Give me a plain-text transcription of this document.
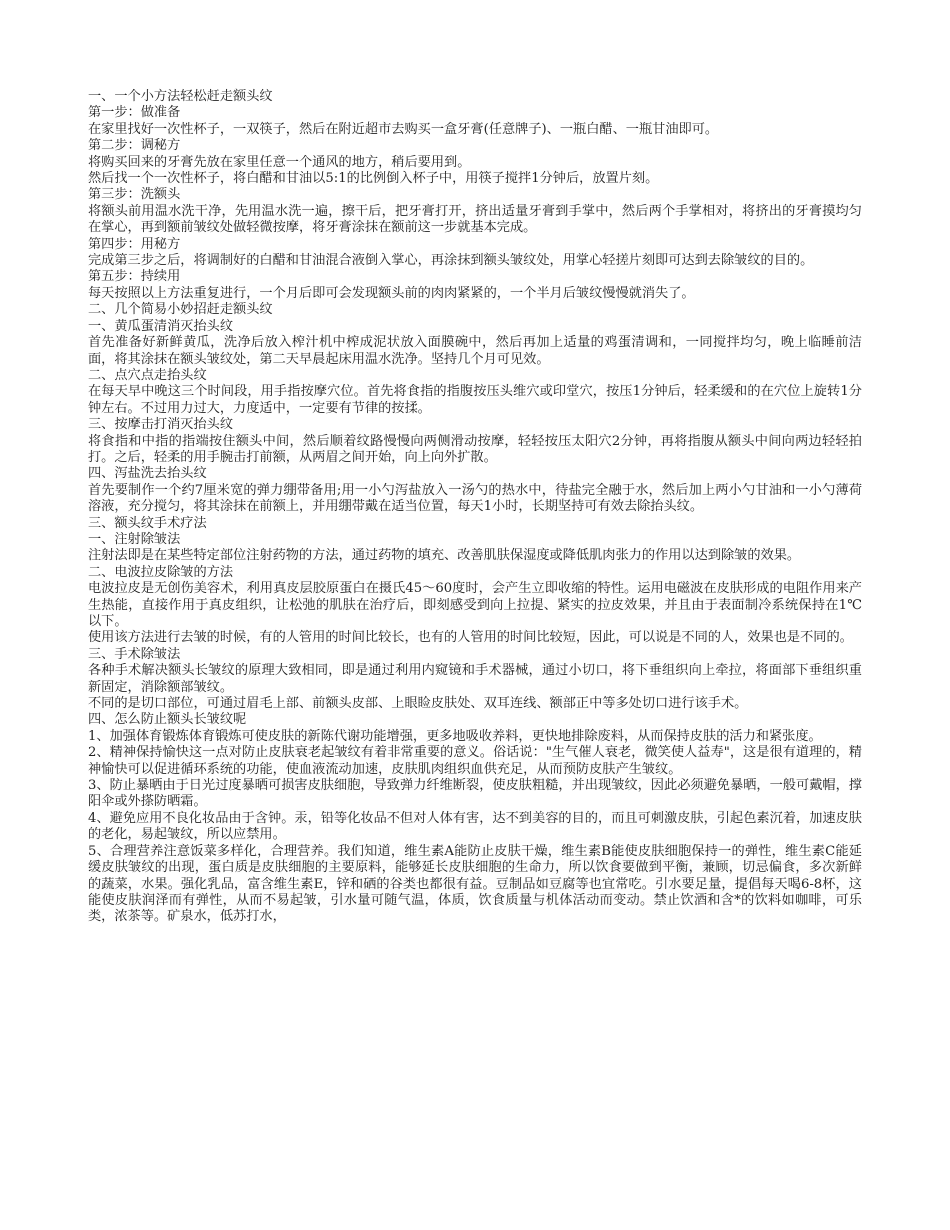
一、一个小方法轻松赶走额头纹

第一步：做准备

在家里找好一次性杯子，一双筷子，然后在附近超市去购买一盒牙膏(任意牌子)、一瓶白醋、一瓶甘油即可。

第二步：调秘方

将购买回来的牙膏先放在家里任意一个通风的地方，稍后要用到。

然后找一个一次性杯子，将白醋和甘油以5:1的比例倒入杯子中，用筷子搅拌1分钟后，放置片刻。

第三步：洗额头

将额头前用温水洗干净，先用温水洗一遍，擦干后，把牙膏打开，挤出适量牙膏到手掌中，然后两个手掌相对，将挤出的牙膏摸均匀在掌心，再到额前皱纹处做轻微按摩，将牙膏涂抹在额前这一步就基本完成。

第四步：用秘方

完成第三步之后，将调制好的白醋和甘油混合液倒入掌心，再涂抹到额头皱纹处，用掌心轻搓片刻即可达到去除皱纹的目的。

第五步：持续用

每天按照以上方法重复进行，一个月后即可会发现额头前的肉肉紧紧的，一个半月后皱纹慢慢就消失了。

二、几个简易小妙招赶走额头纹

一、黄瓜蛋清消灭抬头纹

首先准备好新鲜黄瓜，洗净后放入榨汁机中榨成泥状放入面膜碗中，然后再加上适量的鸡蛋清调和，一同搅拌均匀，晚上临睡前洁面，将其涂抹在额头皱纹处，第二天早晨起床用温水洗净。坚持几个月可见效。

二、点穴点走抬头纹

在每天早中晚这三个时间段，用手指按摩穴位。首先将食指的指腹按压头维穴或印堂穴，按压1分钟后，轻柔缓和的在穴位上旋转1分钟左右。不过用力过大，力度适中，一定要有节律的按揉。

三、按摩击打消灭抬头纹

将食指和中指的指端按住额头中间，然后顺着纹路慢慢向两侧滑动按摩，轻轻按压太阳穴2分钟，再将指腹从额头中间向两边轻轻拍打。之后，轻柔的用手腕击打前额，从两眉之间开始，向上向外扩散。

四、泻盐洗去抬头纹

首先要制作一个约7厘米宽的弹力绷带备用;用一小勺泻盐放入一汤勺的热水中，待盐完全融于水，然后加上两小勺甘油和一小勺薄荷溶液，充分搅匀，将其涂抹在前额上，并用绷带戴在适当位置，每天1小时，长期坚持可有效去除抬头纹。

三、额头纹手术疗法

一、注射除皱法

注射法即是在某些特定部位注射药物的方法，通过药物的填充、改善肌肤保湿度或降低肌肉张力的作用以达到除皱的效果。

二、电波拉皮除皱的方法

电波拉皮是无创伤美容术，利用真皮层胶原蛋白在摄氏45～60度时，会产生立即收缩的特性。运用电磁波在皮肤形成的电阻作用来产生热能，直接作用于真皮组织，让松弛的肌肤在治疗后，即刻感受到向上拉提、紧实的拉皮效果，并且由于表面制冷系统保持在1℃以下。

使用该方法进行去皱的时候，有的人管用的时间比较长，也有的人管用的时间比较短，因此，可以说是不同的人，效果也是不同的。

三、手术除皱法

各种手术解决额头长皱纹的原理大致相同，即是通过利用内窥镜和手术器械，通过小切口，将下垂组织向上牵拉，将面部下垂组织重新固定，消除额部皱纹。

不同的是切口部位，可通过眉毛上部、前额头皮部、上眼睑皮肤处、双耳连线、额部正中等多处切口进行该手术。

四、怎么防止额头长皱纹呢

1、加强体育锻炼体育锻炼可使皮肤的新陈代谢功能增强，更多地吸收养料，更快地排除废料，从而保持皮肤的活力和紧张度。

2、精神保持愉快这一点对防止皮肤衰老起皱纹有着非常重要的意义。俗话说："生气催人衰老，微笑使人益寿"，这是很有道理的，精神愉快可以促进循环系统的功能，使血液流动加速，皮肤肌肉组织血供充足，从而预防皮肤产生皱纹。

3、防止暴晒由于日光过度暴晒可损害皮肤细胞，导致弹力纤维断裂，使皮肤粗糙，并出现皱纹，因此必须避免暴晒，一般可戴帽，撑阳伞或外搽防晒霜。

4、避免应用不良化妆品由于含钟。汞，铅等化妆品不但对人体有害，达不到美容的目的，而且可刺激皮肤，引起色素沉着，加速皮肤的老化，易起皱纹，所以应禁用。

5、合理营养注意饭菜多样化，合理营养。我们知道，维生素A能防止皮肤干燥，维生素B能使皮肤细胞保持一的弹性，维生素C能延缓皮肤皱纹的出现，蛋白质是皮肤细胞的主要原料，能够延长皮肤细胞的生命力，所以饮食要做到平衡，兼顾，切忌偏食，多次新鲜的蔬菜，水果。强化乳品，富含维生素E，锌和硒的谷类也都很有益。豆制品如豆腐等也宜常吃。引水要足量，提倡每天喝6-8杯，这能使皮肤润泽而有弹性，从而不易起皱，引水量可随气温，体质，饮食质量与机体活动而变动。禁止饮酒和含*的饮料如咖啡，可乐类，浓茶等。矿泉水，低苏打水，
